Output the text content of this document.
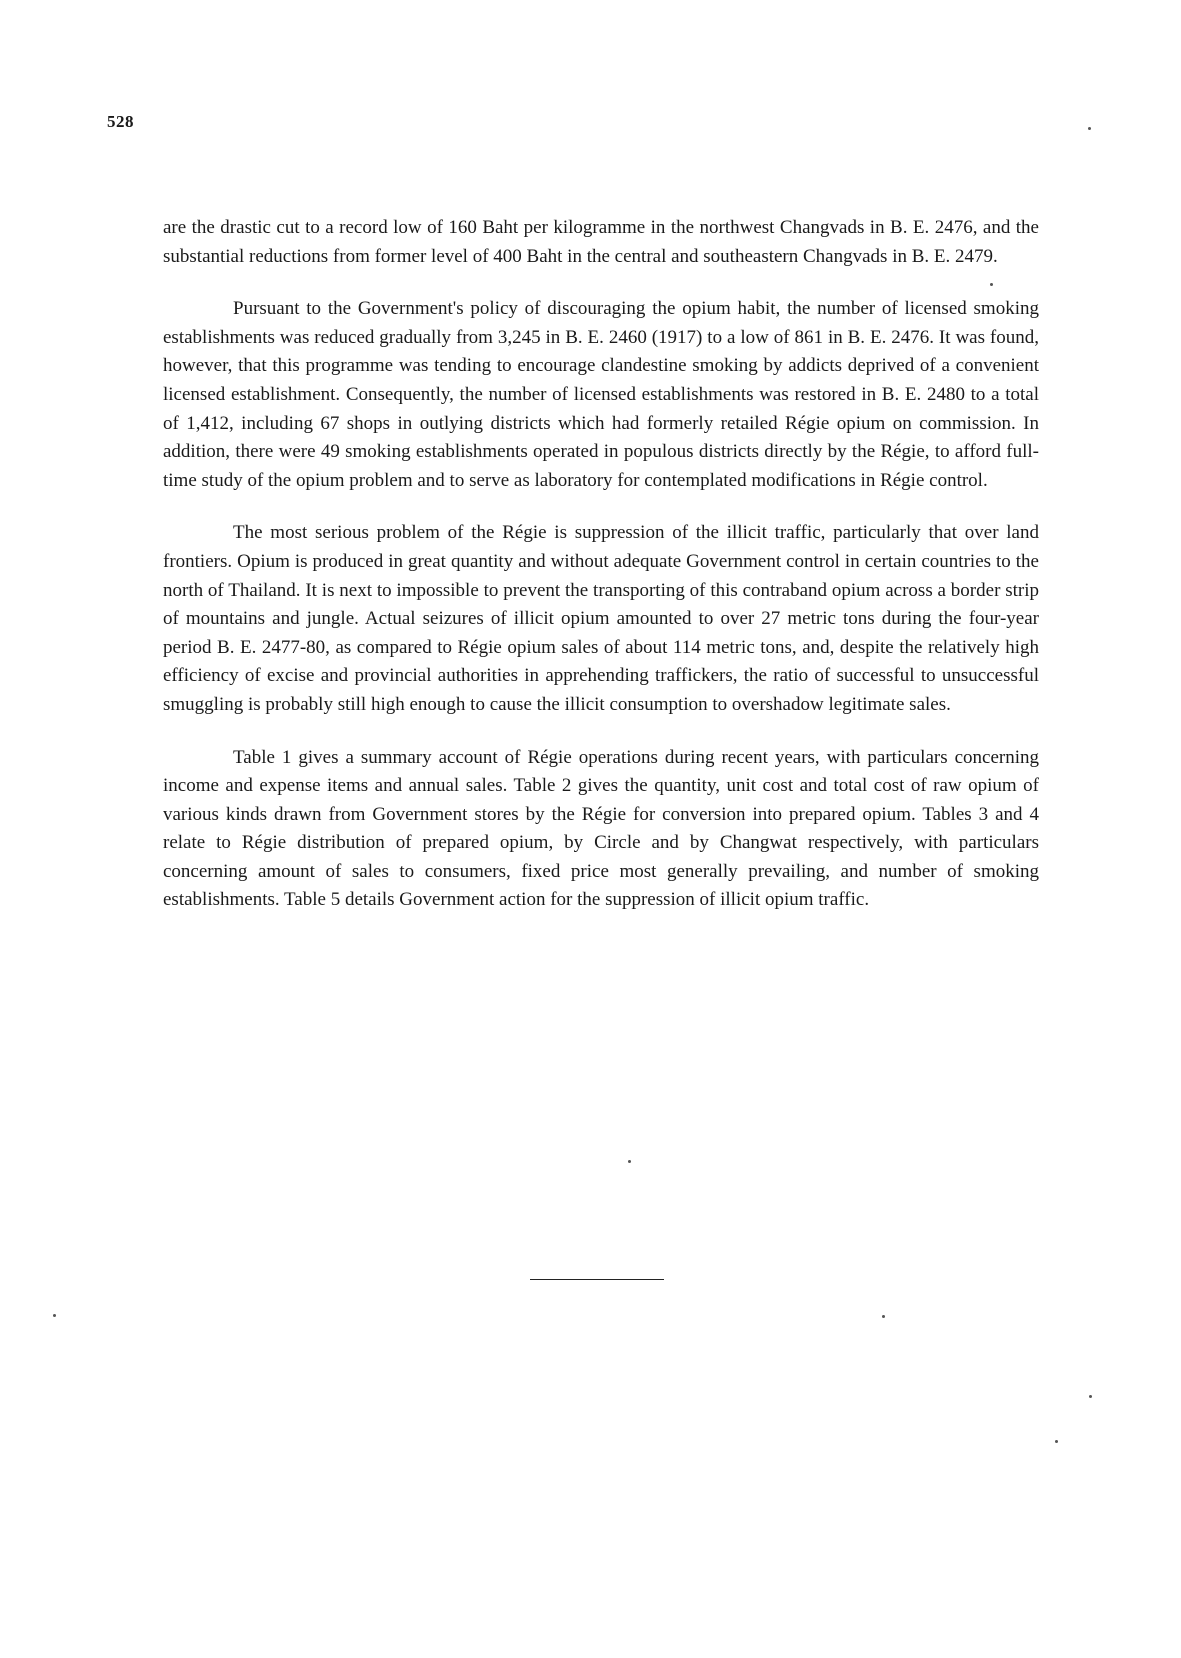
528

are the drastic cut to a record low of 160 Baht per kilogramme in the northwest Changvads in B. E. 2476, and the substantial reductions from former level of 400 Baht in the central and southeastern Changvads in B. E. 2479.

Pursuant to the Government's policy of discouraging the opium habit, the number of licensed smoking establishments was reduced gradually from 3,245 in B. E. 2460 (1917) to a low of 861 in B. E. 2476. It was found, however, that this programme was tending to encourage clandestine smoking by addicts deprived of a convenient licensed establishment. Consequently, the number of licensed establishments was restored in B. E. 2480 to a total of 1,412, including 67 shops in outlying districts which had formerly retailed Régie opium on commission. In addition, there were 49 smoking establishments operated in populous districts directly by the Régie, to afford full-time study of the opium problem and to serve as laboratory for contemplated modifications in Régie control.

The most serious problem of the Régie is suppression of the illicit traffic, particularly that over land frontiers. Opium is produced in great quantity and without adequate Government control in certain countries to the north of Thailand. It is next to impossible to prevent the transporting of this contraband opium across a border strip of mountains and jungle. Actual seizures of illicit opium amounted to over 27 metric tons during the four-year period B. E. 2477-80, as compared to Régie opium sales of about 114 metric tons, and, despite the relatively high efficiency of excise and provincial authorities in apprehending traffickers, the ratio of successful to unsuccessful smuggling is probably still high enough to cause the illicit consumption to overshadow legitimate sales.

Table 1 gives a summary account of Régie operations during recent years, with particulars concerning income and expense items and annual sales. Table 2 gives the quantity, unit cost and total cost of raw opium of various kinds drawn from Government stores by the Régie for conversion into prepared opium. Tables 3 and 4 relate to Régie distribution of prepared opium, by Circle and by Changwat respectively, with particulars concerning amount of sales to consumers, fixed price most generally prevailing, and number of smoking establishments. Table 5 details Government action for the suppression of illicit opium traffic.
